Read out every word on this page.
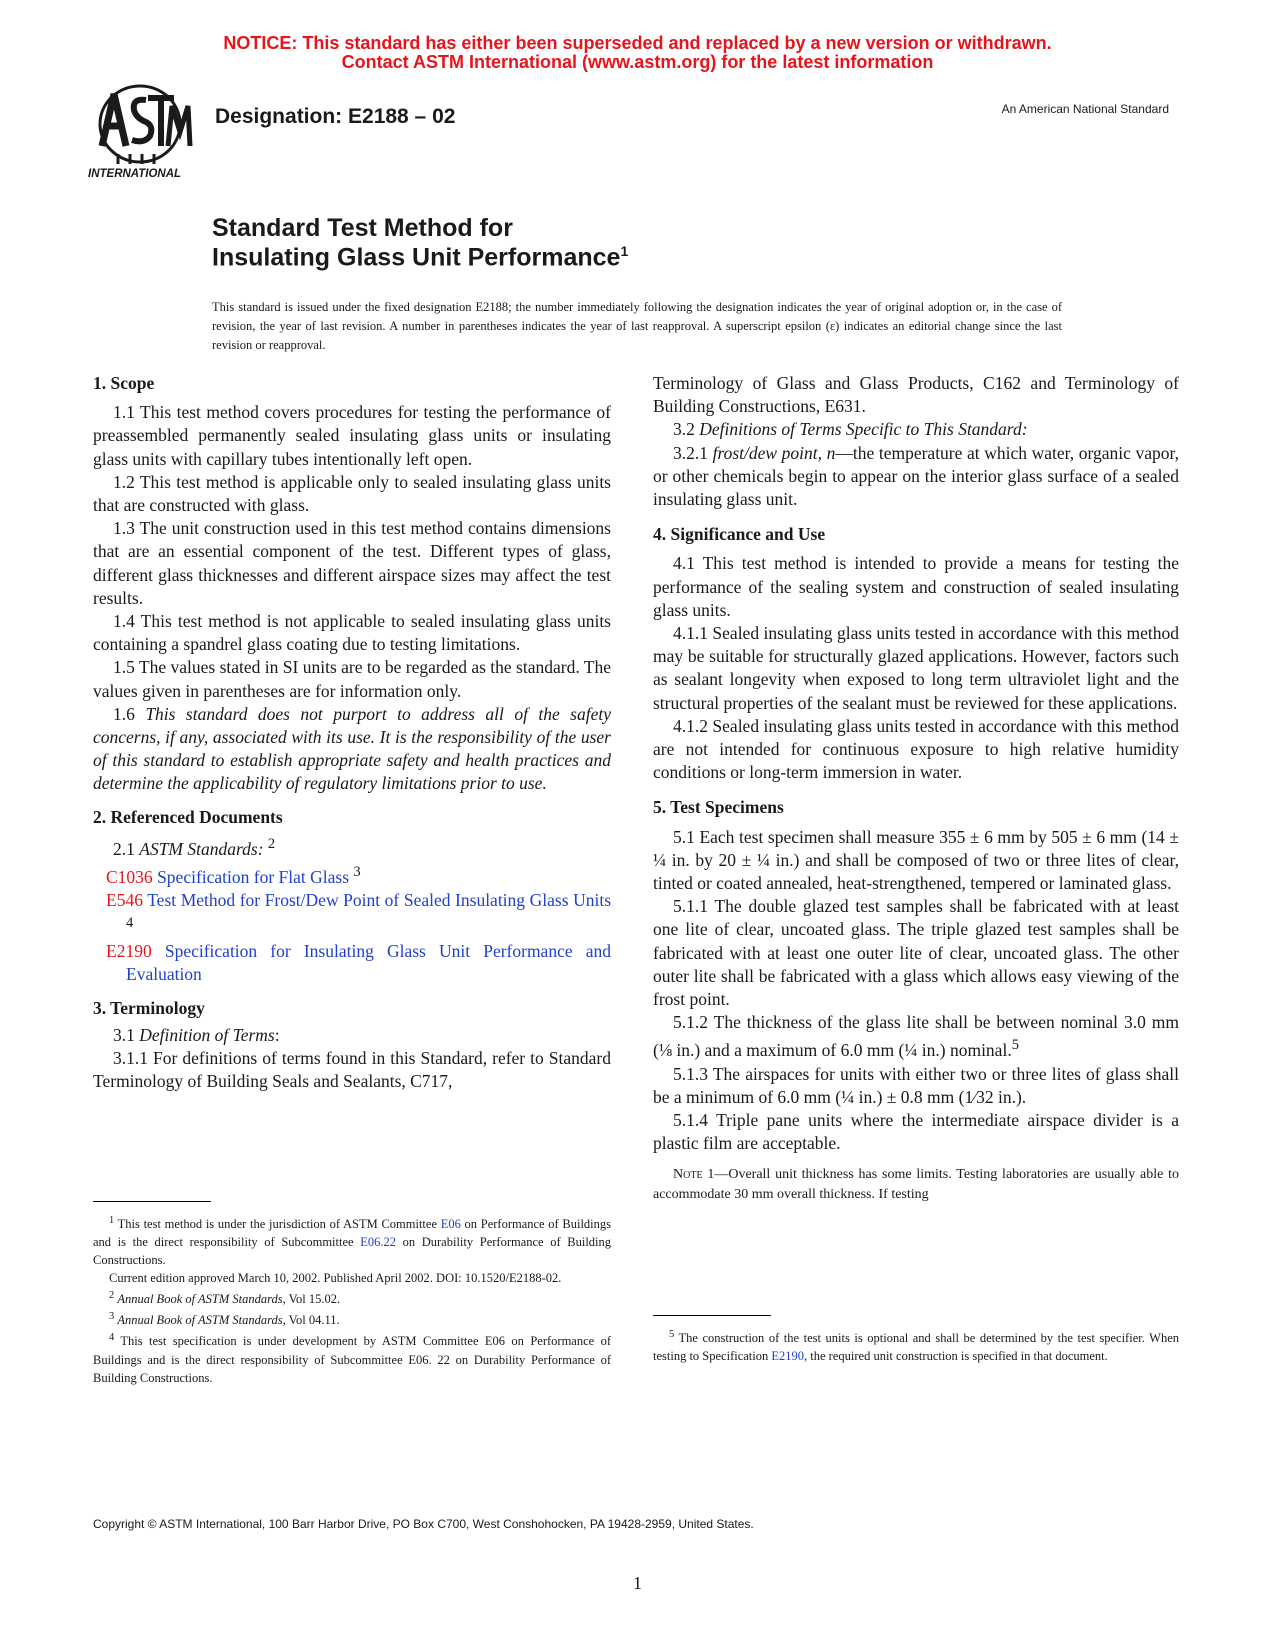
NOTICE: This standard has either been superseded and replaced by a new version or withdrawn.
Contact ASTM International (www.astm.org) for the latest information
INTERNATIONAL
Designation: E2188 – 02	An American National Standard
Standard Test Method for
Insulating Glass Unit Performance$^1$
This standard is issued under the fixed designation E2188; the number immediately following the designation indicates the year of original adoption or, in the case of revision, the year of last revision. A number in parentheses indicates the year of last reapproval. A superscript epsilon (ε) indicates an editorial change since the last revision or reapproval.
1. Scope

1.1 This test method covers procedures for testing the performance of preassembled permanently sealed insulating glass units or insulating glass units with capillary tubes intentionally left open.

1.2 This test method is applicable only to sealed insulating glass units that are constructed with glass.

1.3 The unit construction used in this test method contains dimensions that are an essential component of the test. Different types of glass, different glass thicknesses and different airspace sizes may affect the test results.

1.4 This test method is not applicable to sealed insulating glass units containing a spandrel glass coating due to testing limitations.

1.5 The values stated in SI units are to be regarded as the standard. The values given in parentheses are for information only.

1.6 This standard does not purport to address all of the safety concerns, if any, associated with its use. It is the responsibility of the user of this standard to establish appropriate safety and health practices and determine the applicability of regulatory limitations prior to use.

2. Referenced Documents

2.1 ASTM Standards: $^2$

C1036 Specification for Flat Glass $^3$

E546 Test Method for Frost/Dew Point of Sealed Insulating Glass Units $^4$

E2190 Specification for Insulating Glass Unit Performance and Evaluation

3. Terminology

3.1 Definition of Terms:

3.1.1 For definitions of terms found in this Standard, refer to Standard Terminology of Building Seals and Sealants, C717,

$^1$ This test method is under the jurisdiction of ASTM Committee E06 on Performance of Buildings and is the direct responsibility of Subcommittee E06.22 on Durability Performance of Building Constructions.

Current edition approved March 10, 2002. Published April 2002. DOI: 10.1520/E2188-02.

$^2$ Annual Book of ASTM Standards, Vol 15.02.

$^3$ Annual Book of ASTM Standards, Vol 04.11.

$^4$ This test specification is under development by ASTM Committee E06 on Performance of Buildings and is the direct responsibility of Subcommittee E06. 22 on Durability Performance of Building Constructions.

Terminology of Glass and Glass Products, C162 and Terminology of Building Constructions, E631.

3.2 Definitions of Terms Specific to This Standard:

3.2.1 frost/dew point, n—the temperature at which water, organic vapor, or other chemicals begin to appear on the interior glass surface of a sealed insulating glass unit.

4. Significance and Use

4.1 This test method is intended to provide a means for testing the performance of the sealing system and construction of sealed insulating glass units.

4.1.1 Sealed insulating glass units tested in accordance with this method may be suitable for structurally glazed applications. However, factors such as sealant longevity when exposed to long term ultraviolet light and the structural properties of the sealant must be reviewed for these applications.

4.1.2 Sealed insulating glass units tested in accordance with this method are not intended for continuous exposure to high relative humidity conditions or long-term immersion in water.

5. Test Specimens

5.1 Each test specimen shall measure 355 ± 6 mm by 505 ± 6 mm (14 ± ¼ in. by 20 ± ¼ in.) and shall be composed of two or three lites of clear, tinted or coated annealed, heat-strengthened, tempered or laminated glass.

5.1.1 The double glazed test samples shall be fabricated with at least one lite of clear, uncoated glass. The triple glazed test samples shall be fabricated with at least one outer lite of clear, uncoated glass. The other outer lite shall be fabricated with a glass which allows easy viewing of the frost point.

5.1.2 The thickness of the glass lite shall be between nominal 3.0 mm (⅛ in.) and a maximum of 6.0 mm (¼ in.) nominal.$^5$

5.1.3 The airspaces for units with either two or three lites of glass shall be a minimum of 6.0 mm (¼ in.) ± 0.8 mm (1⁄32 in.).

5.1.4 Triple pane units where the intermediate airspace divider is a plastic film are acceptable.

Note 1—Overall unit thickness has some limits. Testing laboratories are usually able to accommodate 30 mm overall thickness. If testing

$^5$ The construction of the test units is optional and shall be determined by the test specifier. When testing to Specification E2190, the required unit construction is specified in that document.

Copyright © ASTM International, 100 Barr Harbor Drive, PO Box C700, West Conshohocken, PA 19428-2959, United States.
1
